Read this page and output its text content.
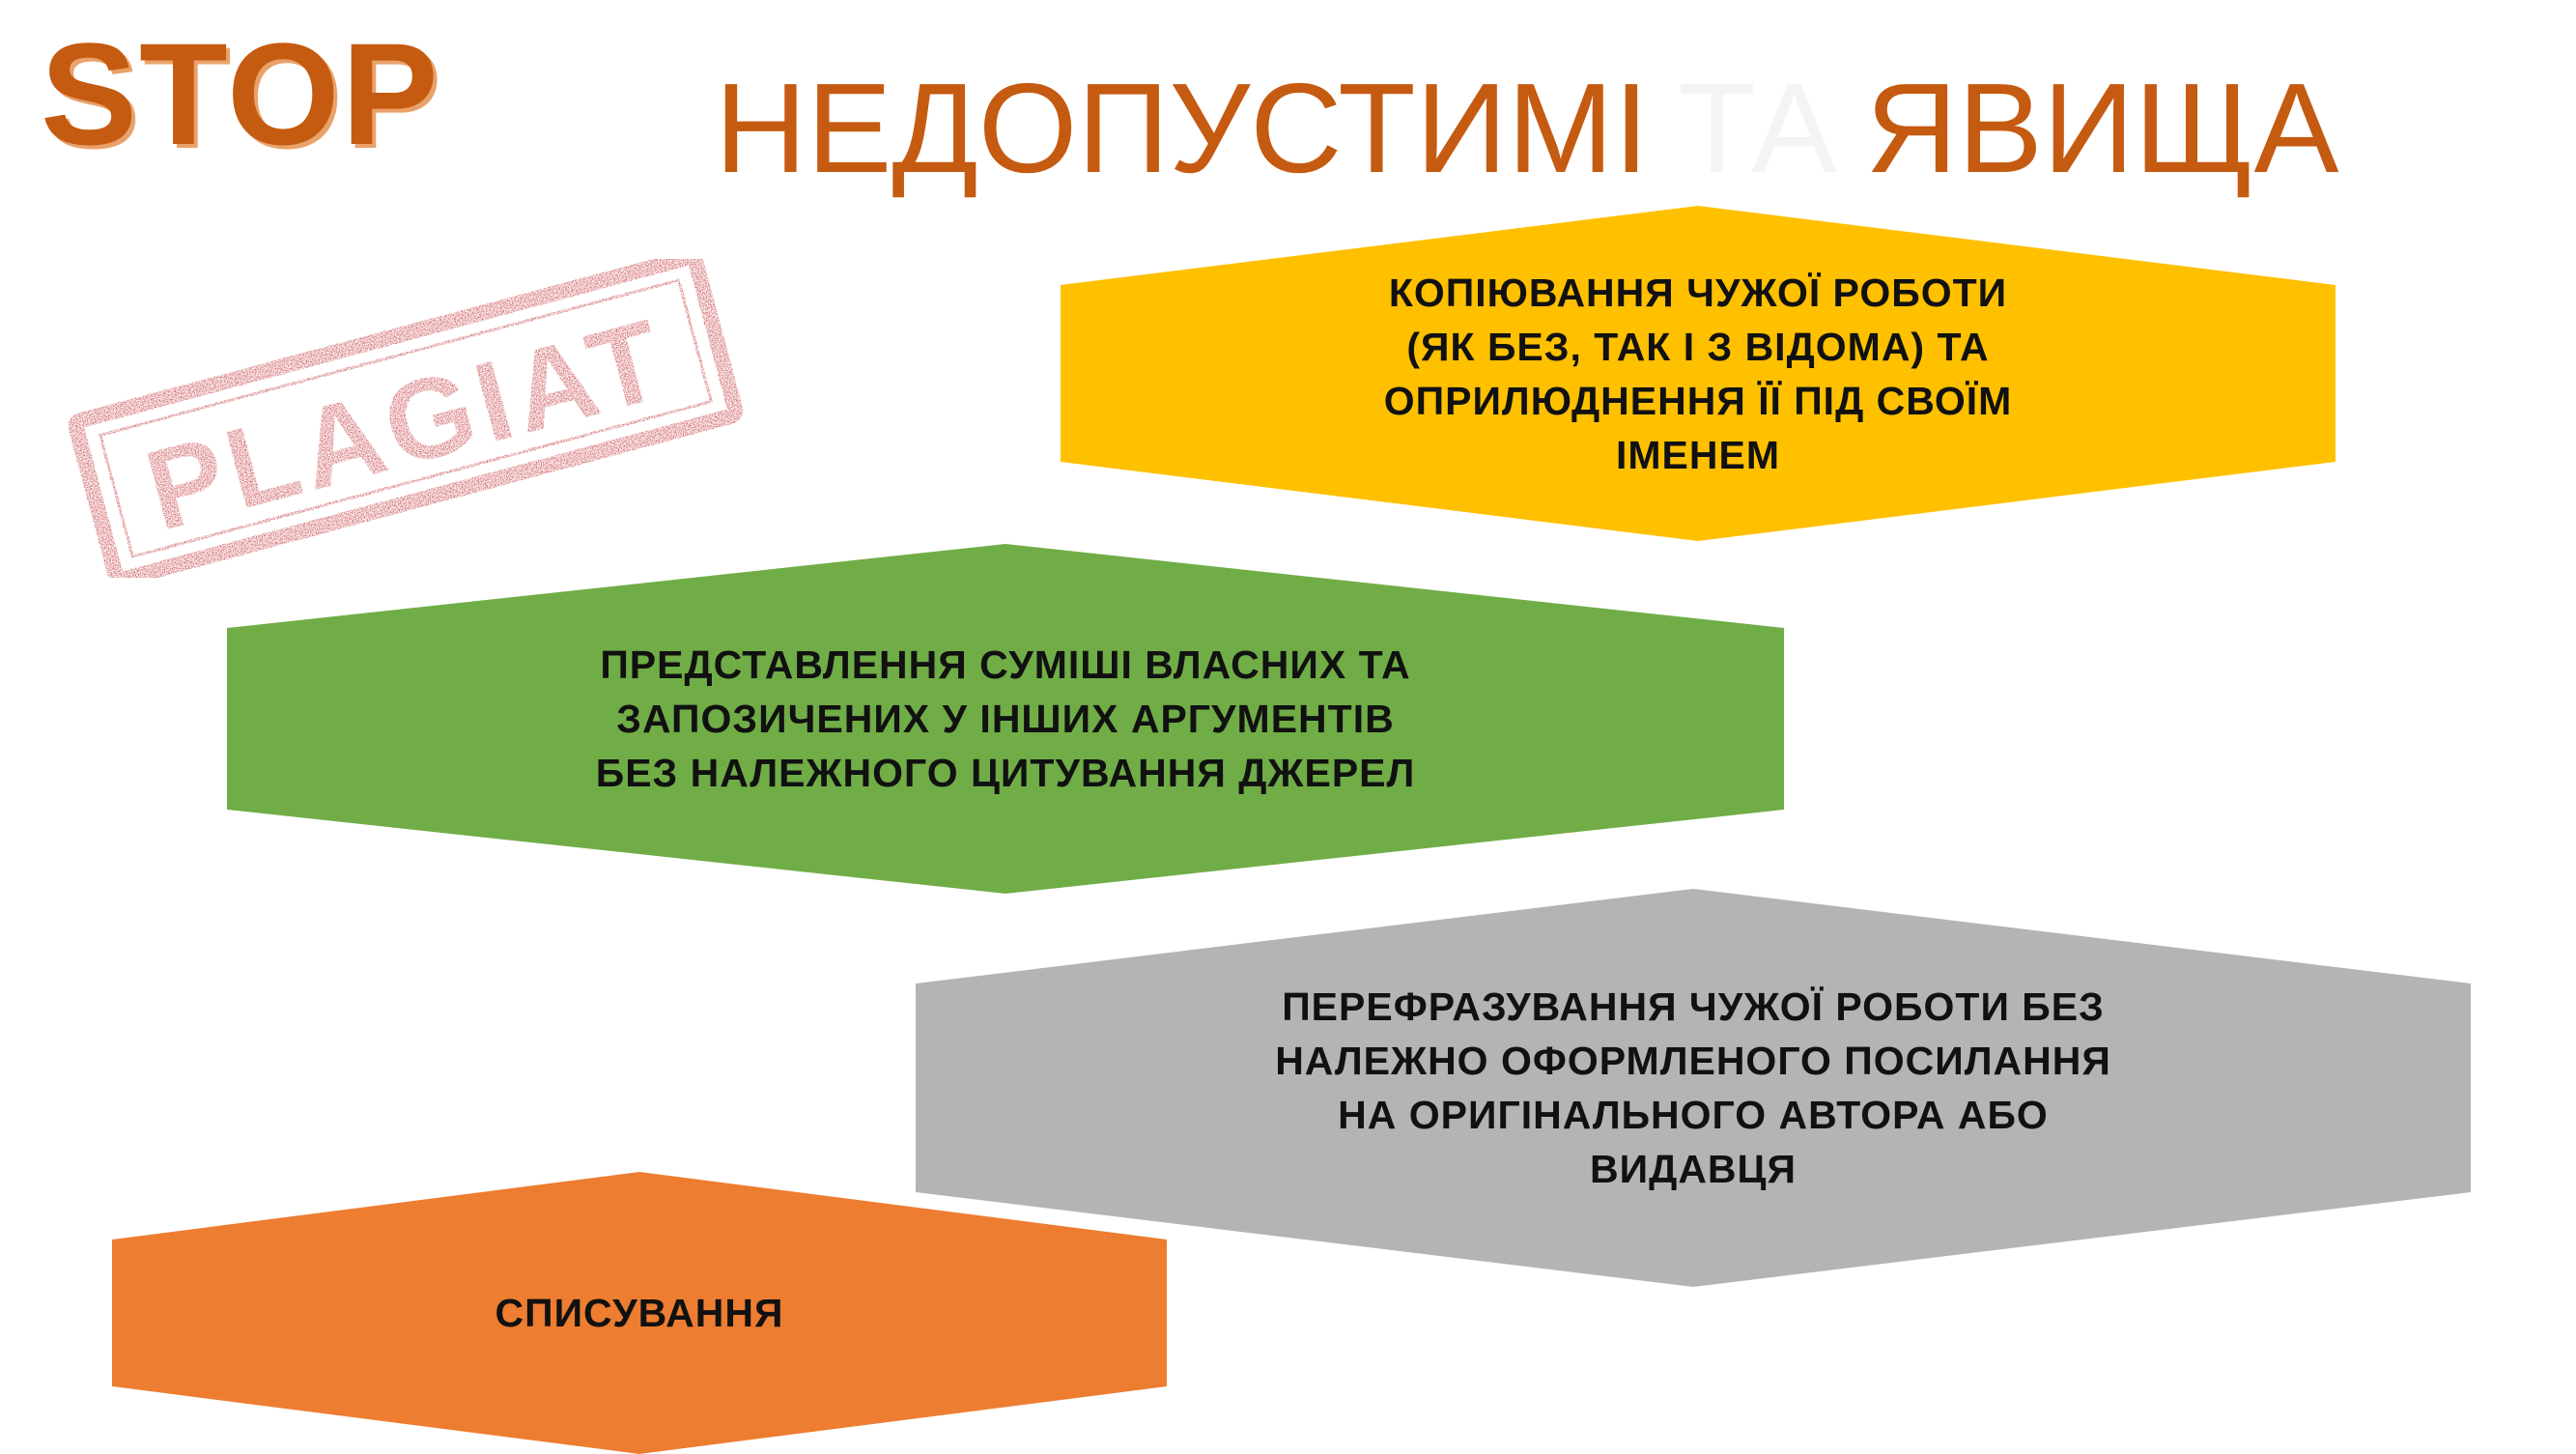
STOP НЕДОПУСТИМІ ТА ЯВИЩА
PLAGIAT
КОПІЮВАННЯ ЧУЖОЇ РОБОТИ
(ЯК БЕЗ, ТАК І З ВІДОМА) ТА
ОПРИЛЮДНЕННЯ ЇЇ ПІД СВОЇМ
ІМЕНЕМ
ПРЕДСТАВЛЕННЯ СУМІШІ ВЛАСНИХ ТА
ЗАПОЗИЧЕНИХ У ІНШИХ АРГУМЕНТІВ
БЕЗ НАЛЕЖНОГО ЦИТУВАННЯ ДЖЕРЕЛ
ПЕРЕФРАЗУВАННЯ ЧУЖОЇ РОБОТИ БЕЗ
НАЛЕЖНО ОФОРМЛЕНОГО ПОСИЛАННЯ
НА ОРИГІНАЛЬНОГО АВТОРА АБО
ВИДАВЦЯ
СПИСУВАННЯ
